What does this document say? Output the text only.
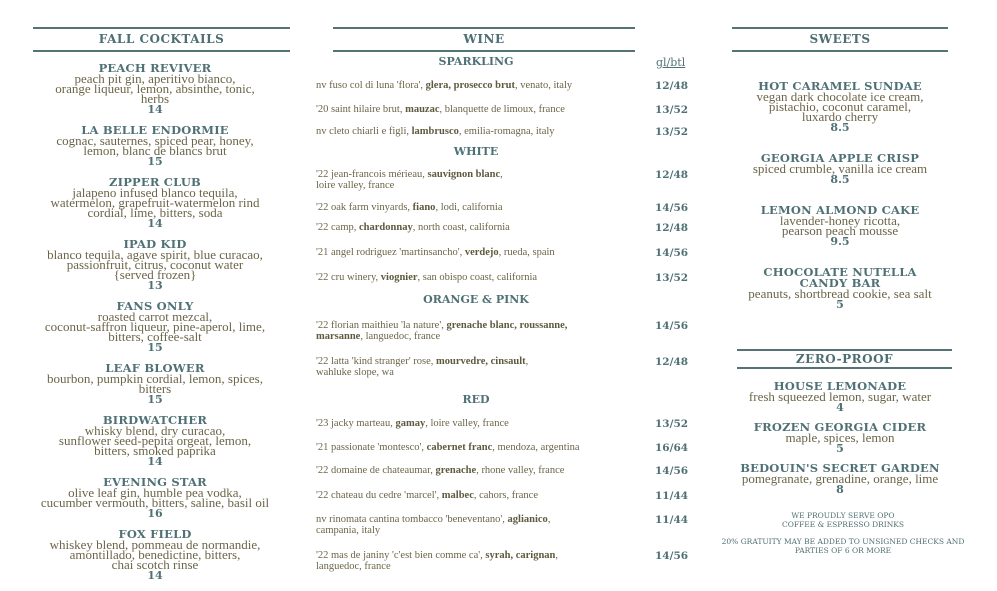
FALL COCKTAILS
PEACH REVIVER
peach pit gin, aperitivo bianco,
orange liqueur, lemon, absinthe, tonic,
herbs
14
LA BELLE ENDORMIE
cognac, sauternes, spiced pear, honey,
lemon, blanc de blancs brut
15
ZIPPER CLUB
jalapeno infused blanco tequila,
watermelon, grapefruit-watermelon rind
cordial, lime, bitters, soda
14
IPAD KID
blanco tequila, agave spirit, blue curacao,
passionfruit, citrus, coconut water
{served frozen}
13
FANS ONLY
roasted carrot mezcal,
coconut-saffron liqueur, pine-aperol, lime,
bitters, coffee-salt
15
LEAF BLOWER
bourbon, pumpkin cordial, lemon, spices,
bitters
15
BIRDWATCHER
whisky blend, dry curacao,
sunflower seed-pepita orgeat, lemon,
bitters, smoked paprika
14
EVENING STAR
olive leaf gin, humble pea vodka,
cucumber vermouth, bitters, saline, basil oil
16
FOX FIELD
whiskey blend, pommeau de normandie,
amontillado, benedictine, bitters,
chai scotch rinse
14
WINE
gl/btl
SPARKLING
nv fuso col di luna 'flora', glera, prosecco brut, venato, italy	12/48
'20 saint hilaire brut, mauzac, blanquette de limoux, france	13/52
nv cleto chiarli e figli, lambrusco, emilia-romagna, italy	13/52
WHITE
'22 jean-francois mérieau, sauvignon blanc,
loire valley, france
12/48
'22 oak farm vinyards, fiano, lodi, california	14/56
'22 camp, chardonnay, north coast, california	12/48
'21 angel rodriguez 'martinsancho', verdejo, rueda, spain	14/56
'22 cru winery, viognier, san obispo coast, california	13/52
ORANGE & PINK
'22 florian maithieu 'la nature', grenache blanc, roussanne,
marsanne, languedoc, france
14/56
'22 latta 'kind stranger' rose, mourvedre, cinsault,
wahluke slope, wa
12/48
RED
'23 jacky marteau, gamay, loire valley, france	13/52
'21 passionate 'montesco', cabernet franc, mendoza, argentina	16/64
'22 domaine de chateaumar, grenache, rhone valley, france	14/56
'22 chateau du cedre 'marcel', malbec, cahors, france	11/44
nv rinomata cantina tombacco 'beneventano', aglianico,
campania, italy
11/44
'22 mas de janiny 'c'est bien comme ca', syrah, carignan,
languedoc, france
14/56
SWEETS
HOT CARAMEL SUNDAE
vegan dark chocolate ice cream,
pistachio, coconut caramel,
luxardo cherry
8.5
GEORGIA APPLE CRISP
spiced crumble, vanilla ice cream
8.5
LEMON ALMOND CAKE
lavender-honey ricotta,
pearson peach mousse
9.5
CHOCOLATE NUTELLA
CANDY BAR
peanuts, shortbread cookie, sea salt
5
ZERO-PROOF
HOUSE LEMONADE
fresh squeezed lemon, sugar, water
4
FROZEN GEORGIA CIDER
maple, spices, lemon
5
BEDOUIN'S SECRET GARDEN
pomegranate, grenadine, orange, lime
8
WE PROUDLY SERVE OPO
COFFEE & ESPRESSO DRINKS
20% GRATUITY MAY BE ADDED TO UNSIGNED CHECKS AND
PARTIES OF 6 OR MORE
